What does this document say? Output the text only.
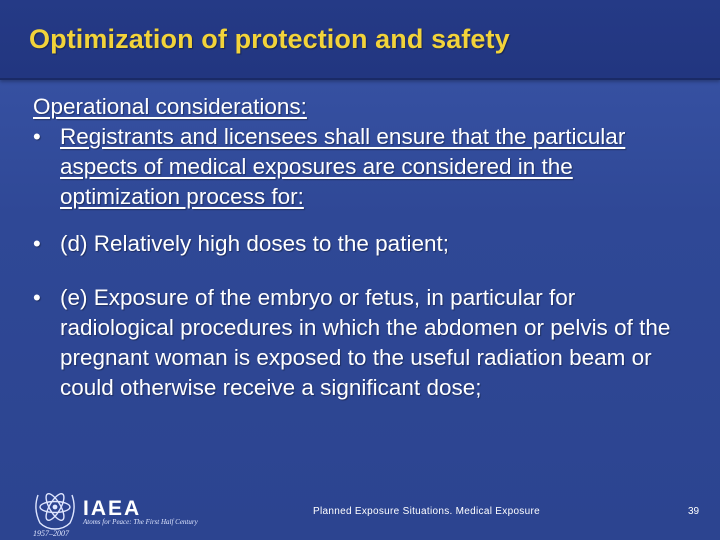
Optimization of protection and safety
Operational considerations:
• Registrants and licensees shall ensure that the particular aspects of medical exposures are considered in the optimization process for:
• (d) Relatively high doses to the patient;
• (e) Exposure of the embryo or fetus, in particular for radiological procedures in which the abdomen or pelvis of the pregnant woman is exposed to the useful radiation beam or could otherwise receive a significant dose;
IAEA
Atoms for Peace: The First Half Century
1957–2007
Planned Exposure Situations. Medical Exposure	39
